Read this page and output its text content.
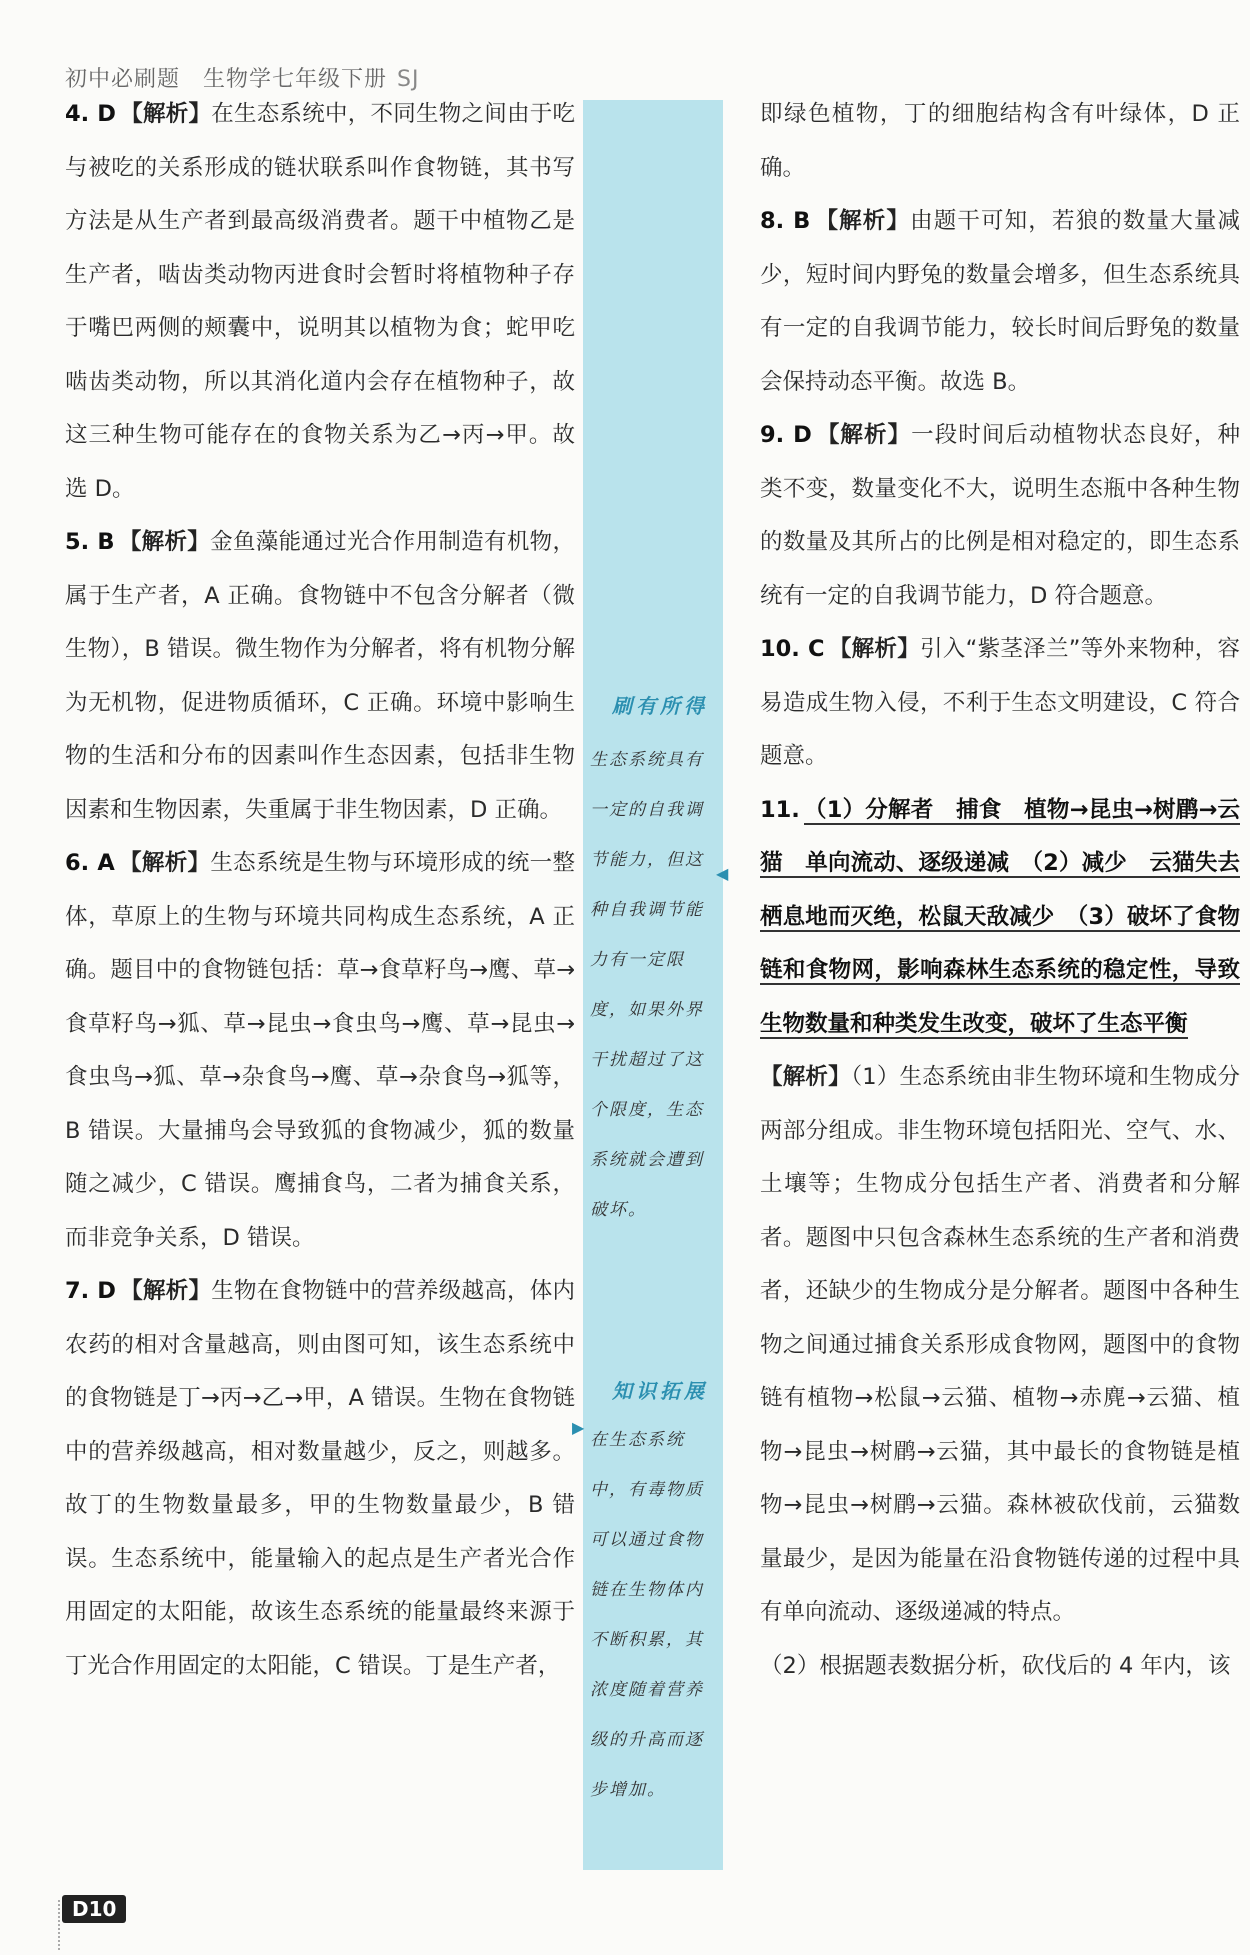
初中必刷题　生物学七年级下册 SJ

4. D 【解析】在生态系统中，不同生物之间由于吃与被吃的关系形成的链状联系叫作食物链，其书写方法是从生产者到最高级消费者。题干中植物乙是生产者，啮齿类动物丙进食时会暂时将植物种子存于嘴巴两侧的颊囊中，说明其以植物为食；蛇甲吃啮齿类动物，所以其消化道内会存在植物种子，故这三种生物可能存在的食物关系为乙→丙→甲。故选 D。

5. B 【解析】金鱼藻能通过光合作用制造有机物，属于生产者，A 正确。食物链中不包含分解者（微生物），B 错误。微生物作为分解者，将有机物分解为无机物，促进物质循环，C 正确。环境中影响生物的生活和分布的因素叫作生态因素，包括非生物因素和生物因素，失重属于非生物因素，D 正确。

6. A 【解析】生态系统是生物与环境形成的统一整体，草原上的生物与环境共同构成生态系统，A 正确。题目中的食物链包括：草→食草籽鸟→鹰、草→食草籽鸟→狐、草→昆虫→食虫鸟→鹰、草→昆虫→食虫鸟→狐、草→杂食鸟→鹰、草→杂食鸟→狐等，B 错误。大量捕鸟会导致狐的食物减少，狐的数量随之减少，C 错误。鹰捕食鸟，二者为捕食关系，而非竞争关系，D 错误。

7. D 【解析】生物在食物链中的营养级越高，体内农药的相对含量越高，则由图可知，该生态系统中的食物链是丁→丙→乙→甲，A 错误。生物在食物链中的营养级越高，相对数量越少，反之，则越多。故丁的生物数量最多，甲的生物数量最少，B 错误。生态系统中，能量输入的起点是生产者光合作用固定的太阳能，故该生态系统的能量最终来源于丁光合作用固定的太阳能，C 错误。丁是生产者，

刷有所得
生态系统具有一定的自我调节能力，但这种自我调节能力有一定限度，如果外界干扰超过了这个限度，生态系统就会遭到破坏。
知识拓展
在生态系统中，有毒物质可以通过食物链在生物体内不断积累，其浓度随着营养级的升高而逐步增加。
▶
◀

即绿色植物，丁的细胞结构含有叶绿体，D 正确。

8. B 【解析】由题干可知，若狼的数量大量减少，短时间内野兔的数量会增多，但生态系统具有一定的自我调节能力，较长时间后野兔的数量会保持动态平衡。故选 B。

9. D 【解析】一段时间后动植物状态良好，种类不变，数量变化不大，说明生态瓶中各种生物的数量及其所占的比例是相对稳定的，即生态系统有一定的自我调节能力，D 符合题意。

10. C 【解析】引入“紫茎泽兰”等外来物种，容易造成生物入侵，不利于生态文明建设，C 符合题意。

11. （1）分解者　捕食　植物→昆虫→树鹛→云猫　单向流动、逐级递减　（2）减少　云猫失去栖息地而灭绝，松鼠天敌减少　（3）破坏了食物链和食物网，影响森林生态系统的稳定性，导致生物数量和种类发生改变，破坏了生态平衡

【解析】（1）生态系统由非生物环境和生物成分两部分组成。非生物环境包括阳光、空气、水、土壤等；生物成分包括生产者、消费者和分解者。题图中只包含森林生态系统的生产者和消费者，还缺少的生物成分是分解者。题图中各种生物之间通过捕食关系形成食物网，题图中的食物链有植物→松鼠→云猫、植物→赤麂→云猫、植物→昆虫→树鹛→云猫，其中最长的食物链是植物→昆虫→树鹛→云猫。森林被砍伐前，云猫数量最少，是因为能量在沿食物链传递的过程中具有单向流动、逐级递减的特点。

（2）根据题表数据分析，砍伐后的 4 年内，该

D10
